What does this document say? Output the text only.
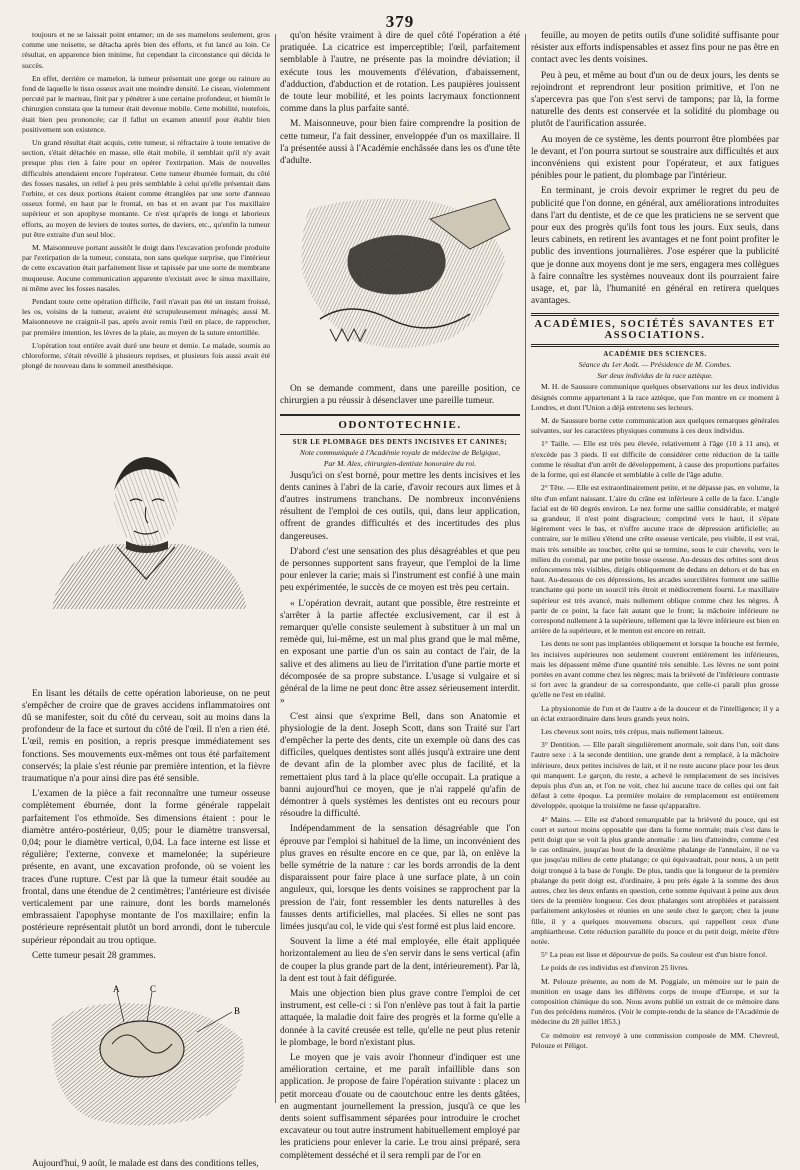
379

toujours et ne se laissait point entamer; un de ses mamelons seulement, gros comme une noisette, se détacha après bien des efforts, et fut lancé au loin. Ce résultat, en apparence bien minime, fut cependant la circonstance qui décida le succès.

En effet, derrière ce mamelon, la tumeur présentait une gorge ou rainure au fond de laquelle le tissu osseux avait une moindre densité. Le ciseau, violemment percuté par le marteau, finit par y pénétrer à une certaine profondeur, et bientôt le chirurgien constata que la tumeur était devenue mobile. Cette mobilité, toutefois, était bien peu prononcée; car il fallut un examen attentif pour établir bien positivement son existence.

Un grand résultat était acquis, cette tumeur, si réfractaire à toute tentative de section, s'était détachée en masse, elle était mobile, il semblait qu'il n'y avait presque plus rien à faire pour en opérer l'extirpation. Mais de nouvelles difficultés attendaient encore l'opérateur. Cette tumeur éburnée formait, du côté des fosses nasales, un relief à peu près semblable à celui qu'elle présentait dans l'orbite, et ces deux portions étaient comme étranglées par une sorte d'anneau osseux formé, en haut par le frontal, en bas et en avant par l'os maxillaire supérieur et son apophyse montante. Ce n'est qu'après de longs et laborieux efforts, au moyen de leviers de toutes sortes, de daviers, etc., qu'enfin la tumeur put être extraite d'un seul bloc.

M. Maisonneuve portant aussitôt le doigt dans l'excavation profonde produite par l'extirpation de la tumeur, constata, non sans quelque surprise, que l'intérieur de cette excavation était parfaitement lisse et tapissée par une sorte de membrane muqueuse. Aucune communication apparente n'existait avec le sinus maxillaire, ni même avec les fosses nasales.

Pendant toute cette opération difficile, l'œil n'avait pas été un instant froissé, les os, voisins de la tumeur, avaient été scrupuleusement ménagés; aussi M. Maisonneuve ne craignit-il pas, après avoir remis l'œil en place, de rapprocher, par première intention, les lèvres de la plaie, au moyen de la suture entortillée.

L'opération tout entière avait duré une heure et demie. Le malade, soumis au chloroforme, s'était réveillé à plusieurs reprises, et plusieurs fois aussi avait été plongé de nouveau dans le sommeil anesthésique.

En lisant les détails de cette opération laborieuse, on ne peut s'empêcher de croire que de graves accidens inflammatoires ont dû se manifester, soit du côté du cerveau, soit au moins dans la profondeur de la face et surtout du côté de l'œil. Il n'en a rien été. L'œil, remis en position, a repris presque immédiatement ses fonctions. Ses mouvements eux-mêmes ont tous été parfaitement conservés; la plaie s'est réunie par première intention, et la fièvre traumatique n'a pour ainsi dire pas été sensible.

L'examen de la pièce a fait reconnaître une tumeur osseuse complètement éburnée, dont la forme générale rappelait parfaitement l'os ethmoïde. Ses dimensions étaient : pour le diamètre antéro-postérieur, 0,05; pour le diamètre transversal, 0,04; pour le diamètre vertical, 0,04. La face interne est lisse et régulière; l'externe, convexe et mamelonée; la supérieure présente, en avant, une excavation profonde, où se voient les traces d'une rupture. C'est par là que la tumeur était soudée au frontal, dans une étendue de 2 centimètres; l'antérieure est divisée verticalement par une rainure, dont les bords mamelonés embrassaient l'apophyse montante de l'os maxillaire; enfin la postérieure représentait plutôt un bord arrondi, dont le tubercule supérieur répondait au trou optique.

Cette tumeur pesait 28 grammes.

A	C
B

Aujourd'hui, 9 août, le malade est dans des conditions telles,

qu'on hésite vraiment à dire de quel côté l'opération a été pratiquée. La cicatrice est imperceptible; l'œil, parfaitement semblable à l'autre, ne présente pas la moindre déviation; il exécute tous les mouvements d'élévation, d'abaissement, d'adduction, d'abduction et de rotation. Les paupières jouissent de toute leur mobilité, et les points lacrymaux fonctionnent comme dans la plus parfaite santé.

M. Maisonneuve, pour bien faire comprendre la position de cette tumeur, l'a fait dessiner, enveloppée d'un os maxillaire. Il l'a présentée aussi à l'Académie enchâssée dans les os d'une tête d'adulte.

On se demande comment, dans une pareille position, ce chirurgien a pu réussir à désenclaver une pareille tumeur.

ODONTOTECHNIE.
SUR LE PLOMBAGE DES DENTS INCISIVES ET CANINES;
Note communiquée à l'Académie royale de médecine de Belgique,
Par M. Alex, chirurgien-dentiste honoraire du roi.

Jusqu'ici on s'est borné, pour mettre les dents incisives et les dents canines à l'abri de la carie, d'avoir recours aux limes et à d'autres instrumens tranchans. De nombreux inconvéniens résultent de l'emploi de ces outils, qui, dans leur application, offrent de grandes difficultés et des incertitudes des plus dangereuses.

D'abord c'est une sensation des plus désagréables et que peu de personnes supportent sans frayeur, que l'emploi de la lime pour enlever la carie; mais si l'instrument est confié à une main peu expérimentée, le succès de ce moyen est très peu certain.

« L'opération devrait, autant que possible, être restreinte et s'arrêter à la partie affectée exclusivement, car il est à remarquer qu'elle consiste seulement à substituer à un mal un remède qui, lui-même, est un mal plus grand que le mal même, en exposant une partie d'un os sain au contact de l'air, de la salive et des alimens au lieu de l'irritation d'une partie morte et décomposée de sa propre substance. L'usage si vulgaire et si général de la lime ne peut donc être assez sérieusement interdit. »

C'est ainsi que s'exprime Bell, dans son Anatomie et physiologie de la dent. Joseph Scott, dans son Traité sur l'art d'empêcher la perte des dents, cite un exemple où dans des cas difficiles, quelques dentistes sont allés jusqu'à extraire une dent de devant afin de la plomber avec plus de facilité, et la remettaient plus tard à la place qu'elle occupait. La pratique a banni aujourd'hui ce moyen, que je n'ai rappelé qu'afin de démontrer à quels systèmes les dentistes ont eu recours pour résoudre la difficulté.

Indépendamment de la sensation désagréable que l'on éprouve par l'emploi si habituel de la lime, un inconvénient des plus graves en résulte encore en ce que, par là, on enlève la belle symétrie de la nature : car les bords arrondis de la dent disparaissent pour faire place à une surface plate, à un coin anguleux, qui, lorsque les dents voisines se rapprochent par la pression de l'air, font ressembler les dents naturelles à des fausses dents artificielles, mal placées. Si elles ne sont pas limées jusqu'au col, le vide qui s'est formé est plus laid encore.

Souvent la lime a été mal employée, elle était appliquée horizontalement au lieu de s'en servir dans le sens vertical (afin de couper la plus grande part de la dent, intérieurement). Par là, la dent est tout à fait défigurée.

Mais une objection bien plus grave contre l'emploi de cet instrument, est celle-ci : si l'on n'enlève pas tout à fait la partie attaquée, la maladie doit faire des progrès et la forme qu'elle a donnée à la cavité creusée est telle, qu'elle ne peut plus retenir le plombage, le bord n'existant plus.

Le moyen que je vais avoir l'honneur d'indiquer est une amélioration certaine, et me paraît infaillible dans son application. Je propose de faire l'opération suivante : placez un petit morceau d'ouate ou de caoutchouc entre les dents gâtées, en augmentant journellement la pression, jusqu'à ce que les dents soient suffisamment séparées pour introduire le crochet excavateur ou tout autre instrument habituellement employé par les praticiens pour enlever la carie. Le trou ainsi préparé, sera complètement desséché et il sera rempli par de l'or en

feuille, au moyen de petits outils d'une solidité suffisante pour résister aux efforts indispensables et assez fins pour ne pas être en contact avec les dents voisines.

Peu à peu, et même au bout d'un ou de deux jours, les dents se rejoindront et reprendront leur position primitive, et l'on ne s'apercevra pas que l'on s'est servi de tampons; par là, la forme naturelle des dents est conservée et la solidité du plombage ou plutôt de l'aurification assurée.

Au moyen de ce système, les dents pourront être plombées par le devant, et l'on pourra surtout se soustraire aux difficultés et aux inconvéniens qui existent pour l'opérateur, et aux fatigues pénibles pour le patient, du plombage par l'intérieur.

En terminant, je crois devoir exprimer le regret du peu de publicité que l'on donne, en général, aux améliorations introduites dans l'art du dentiste, et de ce que les praticiens ne se servent que pour eux des progrès qu'ils font tous les jours. Eux seuls, dans leurs cabinets, en retirent les avantages et ne font point profiter le public des inventions journalières. J'ose espérer que la publicité que je donne aux moyens dont je me sers, engagera mes collègues à faire connaître les systèmes nouveaux dont ils pourraient faire usage, et, par là, l'humanité en général en retirera quelques avantages.

ACADÉMIES, SOCIÉTÉS SAVANTES ET ASSOCIATIONS.
ACADÉMIE DES SCIENCES.
Séance du 1er Août. — Présidence de M. Combes.
Sur deux individus de la race aztèque.

M. H. de Saussure communique quelques observations sur les deux individus désignés comme appartenant à la race aztèque, que l'on montre en ce moment à Londres, et dont l'Union a déjà entretenu ses lecteurs.

M. de Saussure borne cette communication aux quelques remarques générales suivantes, sur les caractères physiques communs à ces deux individus.

1° Taille. — Elle est très peu élevée, relativement à l'âge (10 à 11 ans), et n'excède pas 3 pieds. Il est difficile de considérer cette réduction de la taille comme le résultat d'un arrêt de développement, à cause des proportions parfaites de la forme, qui est élancée et semblable à celle de l'âge adulte.

2° Tête. — Elle est extraordinairement petite, et ne dépasse pas, en volume, la tête d'un enfant naissant. L'aire du crâne est inférieure à celle de la face. L'angle facial est de 60 degrés environ. Le nez forme une saillie considérable, et malgré sa grandeur, il n'est point disgracieux; comprimé vers le haut, il s'épate légèrement vers le bas, et n'offre aucune trace de dépression artificielle; au contraire, sur le milieu s'étend une crête osseuse verticale, peu visible, il est vrai, mais très sensible au toucher, crête qui se termine, sous le cuir chevelu, vers le milieu du coronal, par une petite bosse osseuse. Au-dessus des orbites sont deux enfoncemens très visibles, dirigés obliquement de dedans en dehors et de bas en haut. Au-dessous de ces dépressions, les arcades sourcilières forment une saillie tranchante qui porte un sourcil très étroit et médiocrement fourni. Le maxillaire supérieur est très avancé, mais nullement oblique comme chez les nègres. À partir de ce point, la face fait autant que le front; la mâchoire inférieure ne correspond nullement à la supérieure, tellement que la lèvre inférieure est bien en arrière de la supérieure, et le menton est encore en retrait.

Les dents ne sont pas implantées obliquement et lorsque la bouche est fermée, les incisives supérieures non seulement couvrent entièrement les inférieures, mais les dépassent même d'une quantité très sensible. Les lèvres ne sont point portées en avant comme chez les nègres; mais la brièveté de l'inférieure contraste si fort avec la grandeur de sa correspondante, que celle-ci paraît plus grosse qu'elle ne l'est en réalité.

La physionomie de l'un et de l'autre a de la douceur et de l'intelligence; il y a un éclat extraordinaire dans leurs grands yeux noirs.

Les cheveux sont noirs, très crépus, mais nullement laineux.

3° Dentition. — Elle paraît singulièrement anormale, soit dans l'un, soit dans l'autre sexe : à la seconde dentition, une grande dent a remplacé, à la mâchoire inférieure, deux petites incisives de lait, et il ne reste aucune place pour les deux qui manquent. Le garçon, du reste, a achevé le remplacement de ses incisives depuis plus d'un an, et l'on ne voit, chez lui aucune trace de celles qui ont fait défaut à cette époque. La première molaire de remplacement est entièrement développée, quoique la troisième ne fasse qu'apparaître.

4° Mains. — Elle est d'abord remarquable par la brièveté du pouce, qui est court et surtout moins opposable que dans la forme normale; mais c'est dans le petit doigt que se voit la plus grande anomalie : au lieu d'atteindre, comme c'est le cas ordinaire, jusqu'au bout de la deuxième phalange de l'annulaire, il ne va que jusqu'au milieu de cette phalange; ce qui équivaudrait, pour nous, à un petit doigt tronqué à la base de l'ongle. De plus, tandis que la longueur de la première phalange du petit doigt est, d'ordinaire, à peu près égale à la somme des deux autres, chez les deux enfants en question, cette somme équivaut à peine aux deux tiers de la première longueur. Ces deux phalanges sont atrophiées et paraissent parfaitement ankylosées et réunies en une seule chez le garçon; chez la jeune fille, il y a quelques mouvemens obscurs, qui rappellent ceux d'une amphiarthrose. Cette réduction parallèle du pouce et du petit doigt, mérite d'être notée.

5° La peau est lisse et dépourvue de poils. Sa couleur est d'un bistre foncé.

Le poids de ces individus est d'environ 25 livres.

M. Pelouze présente, au nom de M. Poggiale, un mémoire sur le pain de munition en usage dans les différens corps de troupe d'Europe, et sur la composition chimique du son. Nous avons publié un extrait de ce mémoire dans l'un des précédens numéros. (Voir le compte-rendu de la séance de l'Académie de médecine du 28 juillet 1853.)

Ce mémoire est renvoyé à une commission composée de MM. Chevreul, Pelouze et Péligot.
